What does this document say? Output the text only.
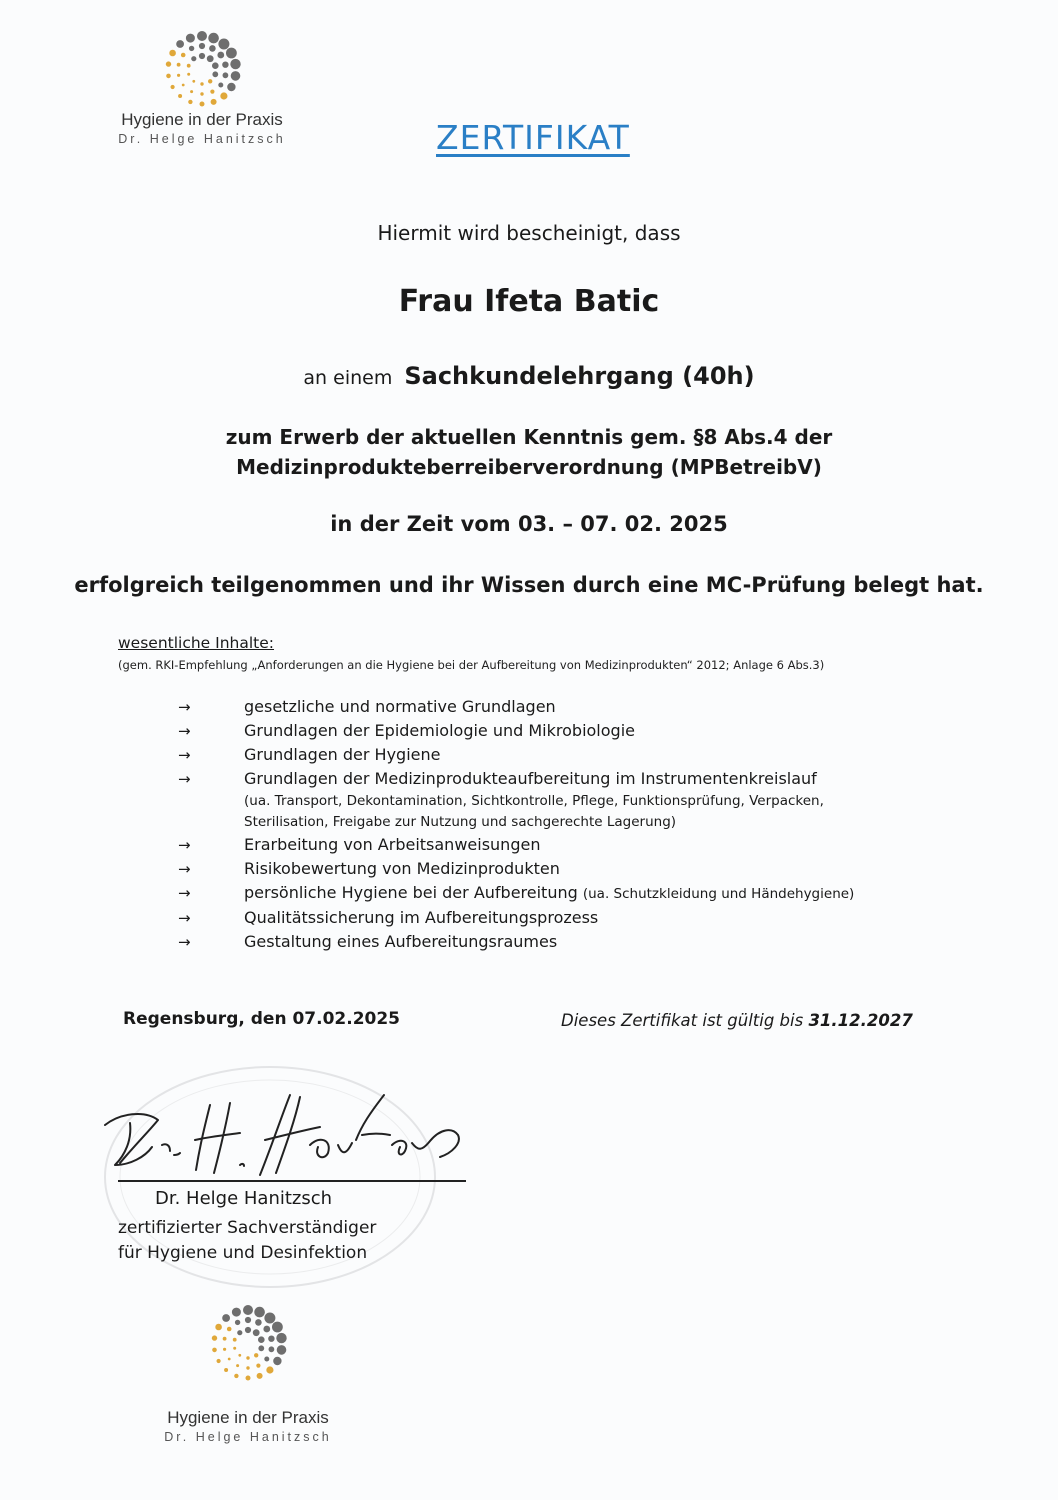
Hygiene in der Praxis
Dr. Helge Hanitzsch	ZERTIFIKAT
Hiermit wird bescheinigt, dass
Frau Ifeta Batic
an einem Sachkundelehrgang (40h)
zum Erwerb der aktuellen Kenntnis gem. §8 Abs.4 der
Medizinprodukteberreiberverordnung (MPBetreibV)
in der Zeit vom 03. – 07. 02. 2025
erfolgreich teilgenommen und ihr Wissen durch eine MC-Prüfung belegt hat.
wesentliche Inhalte:
(gem. RKI-Empfehlung „Anforderungen an die Hygiene bei der Aufbereitung von Medizinprodukten“ 2012; Anlage 6 Abs.3)
→	gesetzliche und normative Grundlagen
→	Grundlagen der Epidemiologie und Mikrobiologie
→	Grundlagen der Hygiene
→	Grundlagen der Medizinprodukteaufbereitung im Instrumentenkreislauf
(ua. Transport, Dekontamination, Sichtkontrolle, Pflege, Funktionsprüfung, Verpacken,
Sterilisation, Freigabe zur Nutzung und sachgerechte Lagerung)
→	Erarbeitung von Arbeitsanweisungen
→	Risikobewertung von Medizinprodukten
→	persönliche Hygiene bei der Aufbereitung (ua. Schutzkleidung und Händehygiene)
→	Qualitätssicherung im Aufbereitungsprozess
→	Gestaltung eines Aufbereitungsraumes
Regensburg, den 07.02.2025	Dieses Zertifikat ist gültig bis 31.12.2027
Dr. H. Hanitzsch
Dr. Helge Hanitzsch
zertifizierter Sachverständiger
für Hygiene und Desinfektion
Hygiene in der Praxis
Dr. Helge Hanitzsch
